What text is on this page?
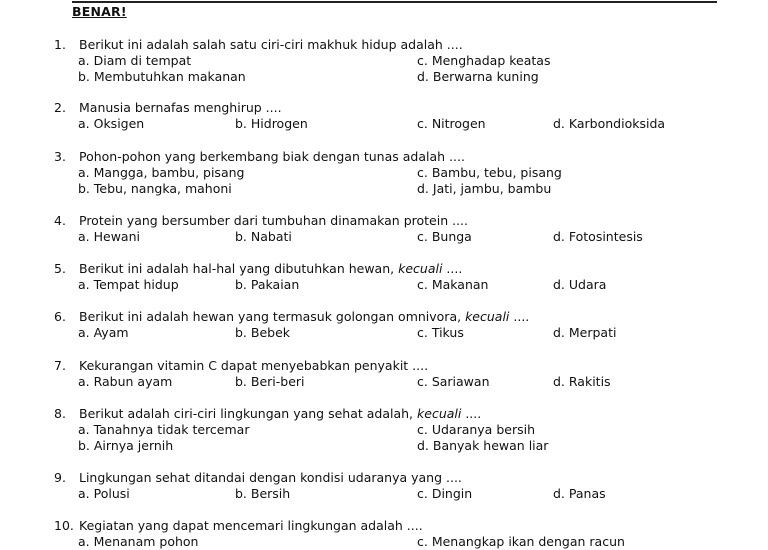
BENAR!
1. Berikut ini adalah salah satu ciri-ciri makhuk hidup adalah ....
a. Diam di tempat	c. Menghadap keatas
b. Membutuhkan makanan	d. Berwarna kuning
2. Manusia bernafas menghirup ....
a. Oksigen	b. Hidrogen	c. Nitrogen	d. Karbondioksida
3. Pohon-pohon yang berkembang biak dengan tunas adalah ....
a. Mangga, bambu, pisang	c. Bambu, tebu, pisang
b. Tebu, nangka, mahoni	d. Jati, jambu, bambu
4. Protein yang bersumber dari tumbuhan dinamakan protein ....
a. Hewani	b. Nabati	c. Bunga	d. Fotosintesis
5. Berikut ini adalah hal-hal yang dibutuhkan hewan, kecuali ....
a. Tempat hidup	b. Pakaian	c. Makanan	d. Udara
6. Berikut ini adalah hewan yang termasuk golongan omnivora, kecuali ....
a. Ayam	b. Bebek	c. Tikus	d. Merpati
7. Kekurangan vitamin C dapat menyebabkan penyakit ....
a. Rabun ayam	b. Beri-beri	c. Sariawan	d. Rakitis
8. Berikut adalah ciri-ciri lingkungan yang sehat adalah, kecuali ....
a. Tanahnya tidak tercemar	c. Udaranya bersih
b. Airnya jernih	d. Banyak hewan liar
9. Lingkungan sehat ditandai dengan kondisi udaranya yang ....
a. Polusi	b. Bersih	c. Dingin	d. Panas
10. Kegiatan yang dapat mencemari lingkungan adalah ....
a. Menanam pohon	c. Menangkap ikan dengan racun
